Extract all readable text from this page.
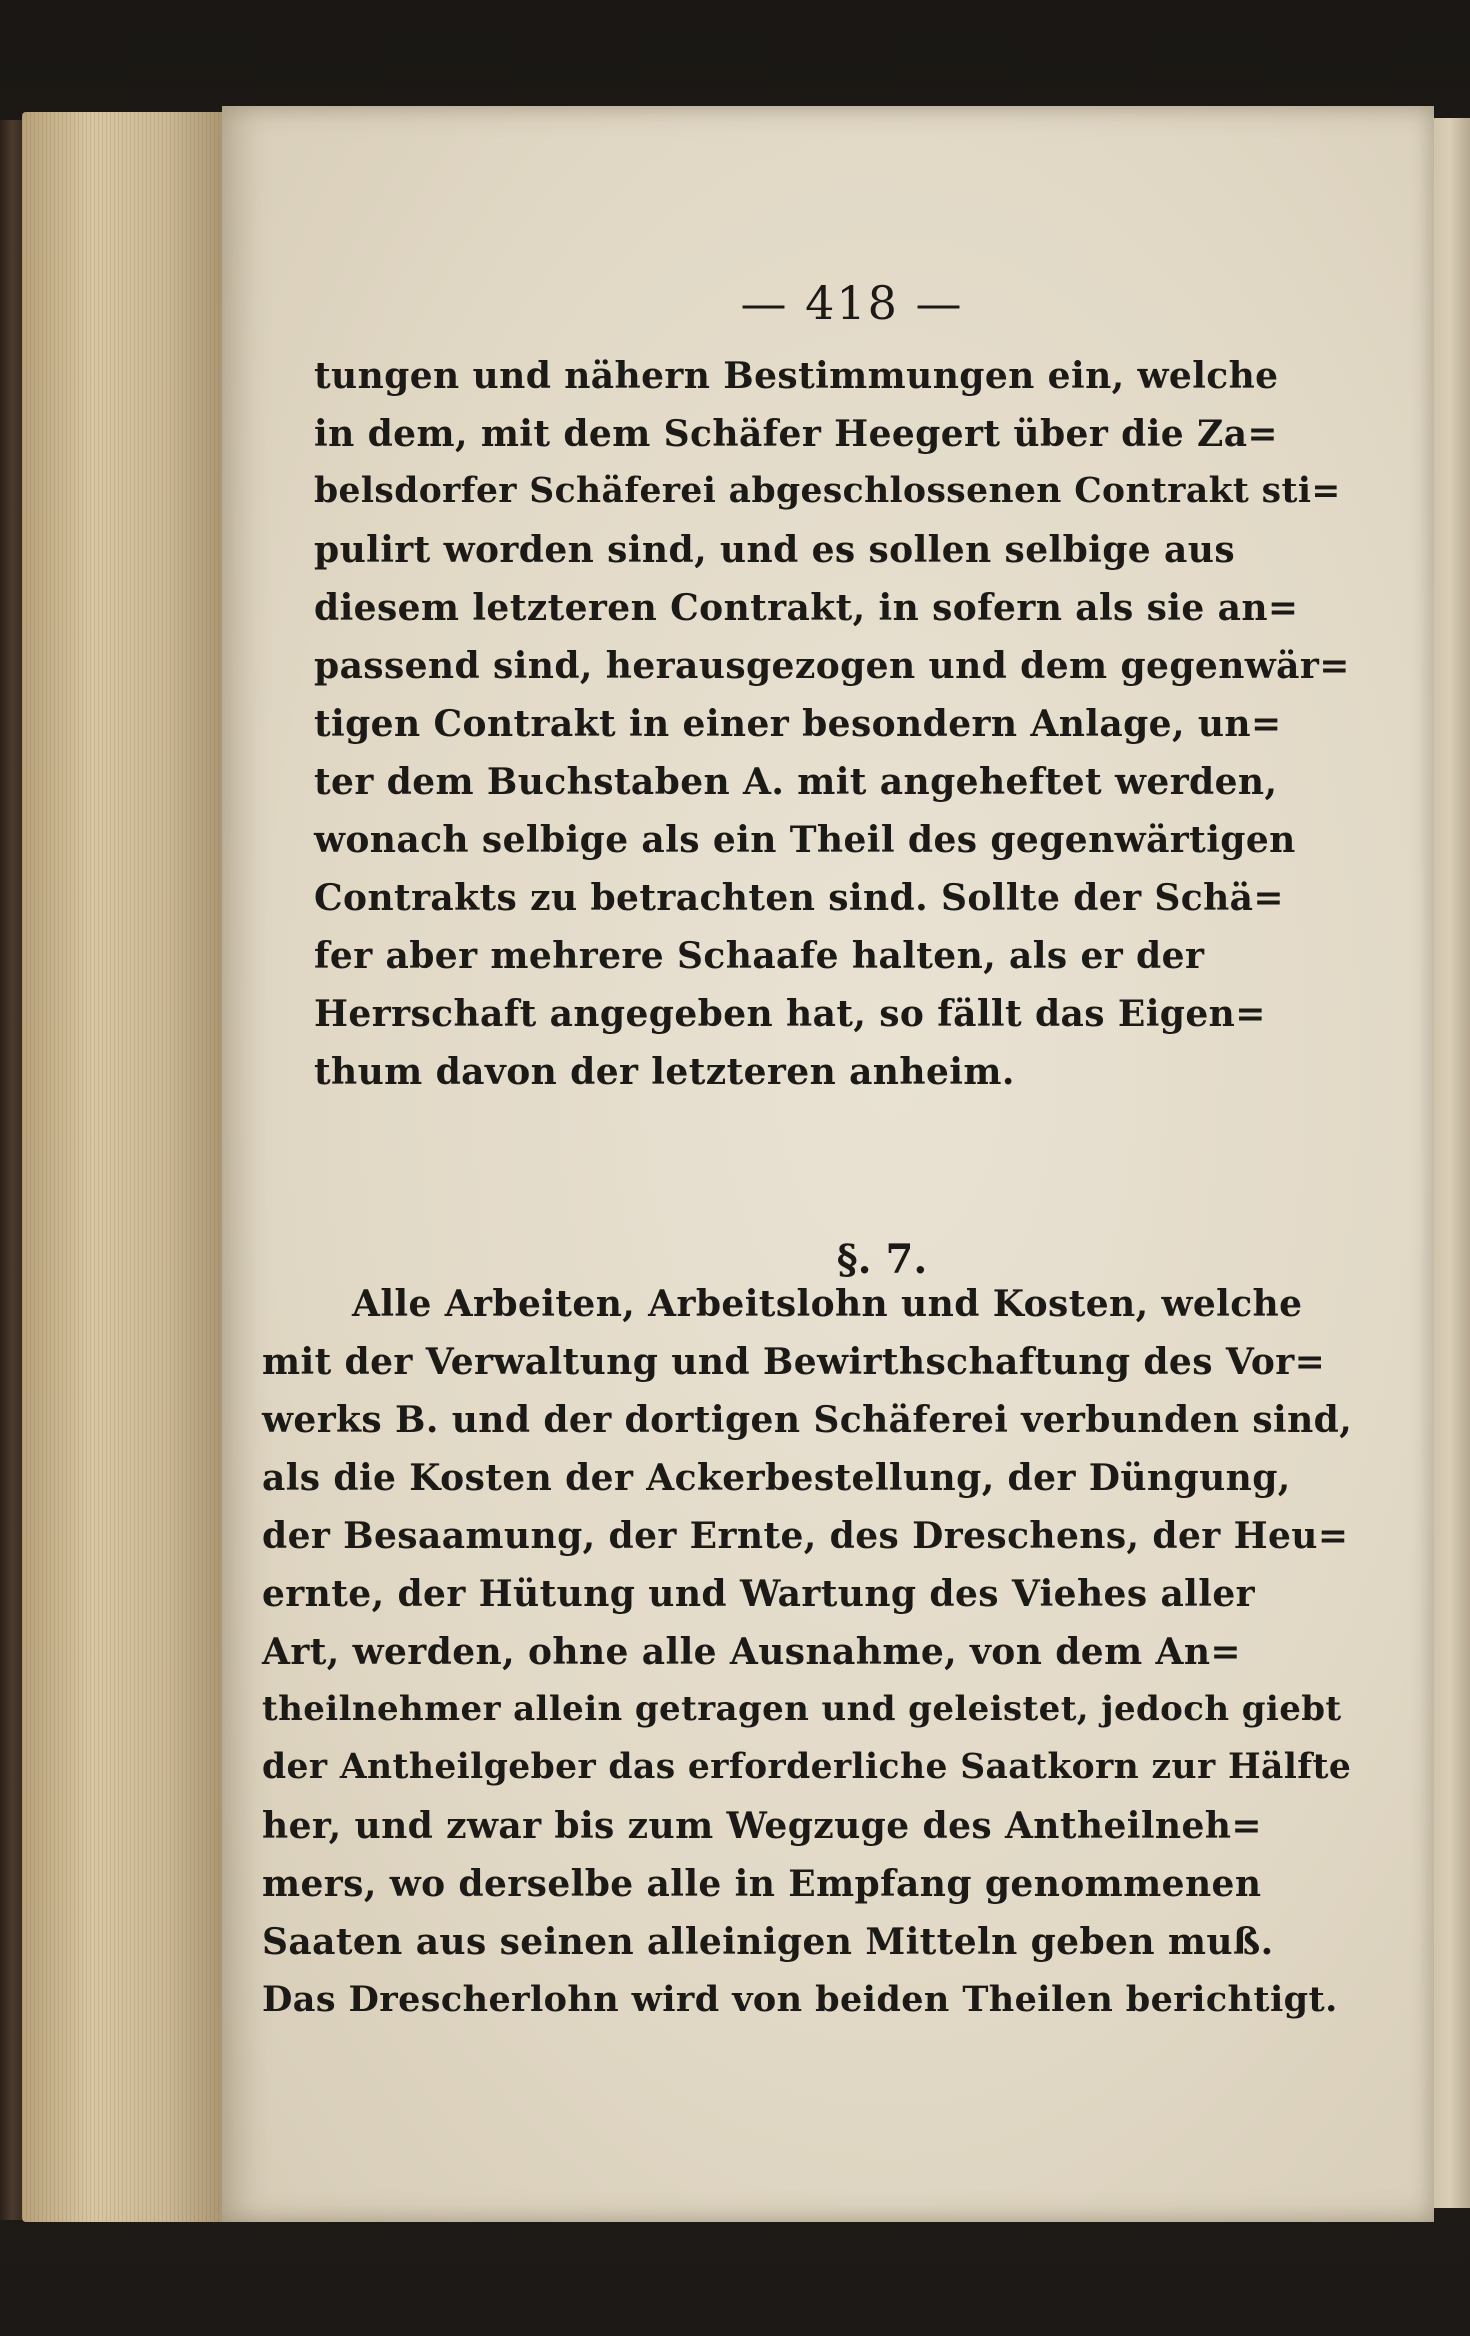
— 418 —
tungen und nähern Bestimmungen ein, welche
in dem, mit dem Schäfer Heegert über die Za=
belsdorfer Schäferei abgeschlossenen Contrakt sti=
pulirt worden sind, und es sollen selbige aus
diesem letzteren Contrakt, in sofern als sie an=
passend sind, herausgezogen und dem gegenwär=
tigen Contrakt in einer besondern Anlage, un=
ter dem Buchstaben A. mit angeheftet werden,
wonach selbige als ein Theil des gegenwärtigen
Contrakts zu betrachten sind. Sollte der Schä=
fer aber mehrere Schaafe halten, als er der
Herrschaft angegeben hat, so fällt das Eigen=
thum davon der letzteren anheim.
§. 7.
Alle Arbeiten, Arbeitslohn und Kosten, welche
mit der Verwaltung und Bewirthschaftung des Vor=
werks B. und der dortigen Schäferei verbunden sind,
als die Kosten der Ackerbestellung, der Düngung,
der Besaamung, der Ernte, des Dreschens, der Heu=
ernte, der Hütung und Wartung des Viehes aller
Art, werden, ohne alle Ausnahme, von dem An=
theilnehmer allein getragen und geleistet, jedoch giebt
der Antheilgeber das erforderliche Saatkorn zur Hälfte
her, und zwar bis zum Wegzuge des Antheilneh=
mers, wo derselbe alle in Empfang genommenen
Saaten aus seinen alleinigen Mitteln geben muß.
Das Drescherlohn wird von beiden Theilen berichtigt.
